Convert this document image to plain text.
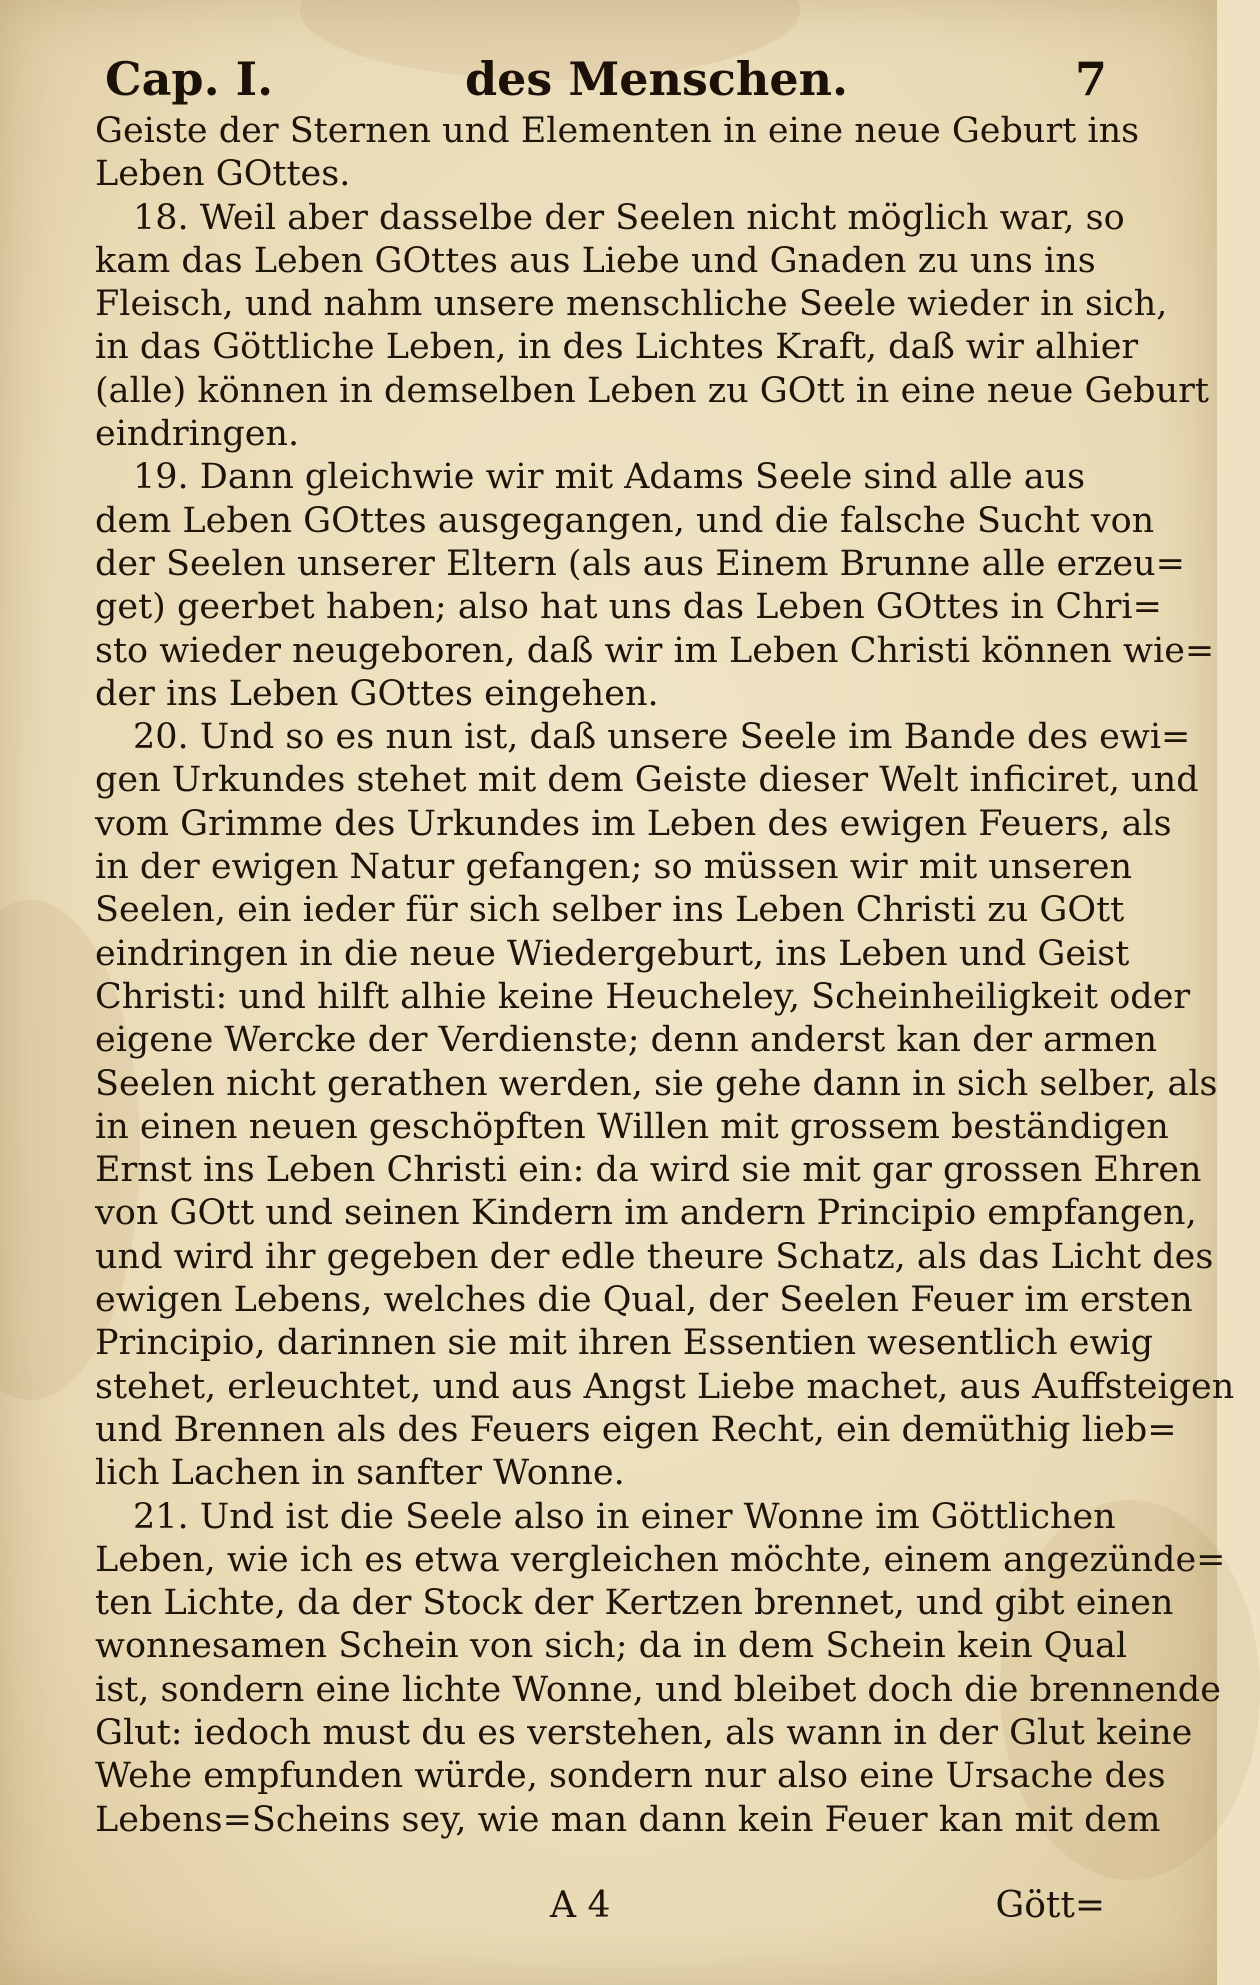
Cap. I.	des Menschen.	7
Geiste der Sternen und Elementen in eine neue Geburt ins
Leben GOttes.
18. Weil aber dasselbe der Seelen nicht möglich war, so
kam das Leben GOttes aus Liebe und Gnaden zu uns ins
Fleisch, und nahm unsere menschliche Seele wieder in sich,
in das Göttliche Leben, in des Lichtes Kraft, daß wir alhier
(alle) können in demselben Leben zu GOtt in eine neue Geburt
eindringen.
19. Dann gleichwie wir mit Adams Seele sind alle aus
dem Leben GOttes ausgegangen, und die falsche Sucht von
der Seelen unserer Eltern (als aus Einem Brunne alle erzeu=
get) geerbet haben; also hat uns das Leben GOttes in Chri=
sto wieder neugeboren, daß wir im Leben Christi können wie=
der ins Leben GOttes eingehen.
20. Und so es nun ist, daß unsere Seele im Bande des ewi=
gen Urkundes stehet mit dem Geiste dieser Welt inficiret, und
vom Grimme des Urkundes im Leben des ewigen Feuers, als
in der ewigen Natur gefangen; so müssen wir mit unseren
Seelen, ein ieder für sich selber ins Leben Christi zu GOtt
eindringen in die neue Wiedergeburt, ins Leben und Geist
Christi: und hilft alhie keine Heucheley, Scheinheiligkeit oder
eigene Wercke der Verdienste; denn anderst kan der armen
Seelen nicht gerathen werden, sie gehe dann in sich selber, als
in einen neuen geschöpften Willen mit grossem beständigen
Ernst ins Leben Christi ein: da wird sie mit gar grossen Ehren
von GOtt und seinen Kindern im andern Principio empfangen,
und wird ihr gegeben der edle theure Schatz, als das Licht des
ewigen Lebens, welches die Qual, der Seelen Feuer im ersten
Principio, darinnen sie mit ihren Essentien wesentlich ewig
stehet, erleuchtet, und aus Angst Liebe machet, aus Auffsteigen
und Brennen als des Feuers eigen Recht, ein demüthig lieb=
lich Lachen in sanfter Wonne.
21. Und ist die Seele also in einer Wonne im Göttlichen
Leben, wie ich es etwa vergleichen möchte, einem angezünde=
ten Lichte, da der Stock der Kertzen brennet, und gibt einen
wonnesamen Schein von sich; da in dem Schein kein Qual
ist, sondern eine lichte Wonne, und bleibet doch die brennende
Glut: iedoch must du es verstehen, als wann in der Glut keine
Wehe empfunden würde, sondern nur also eine Ursache des
Lebens=Scheins sey, wie man dann kein Feuer kan mit dem
A 4	Gött=
